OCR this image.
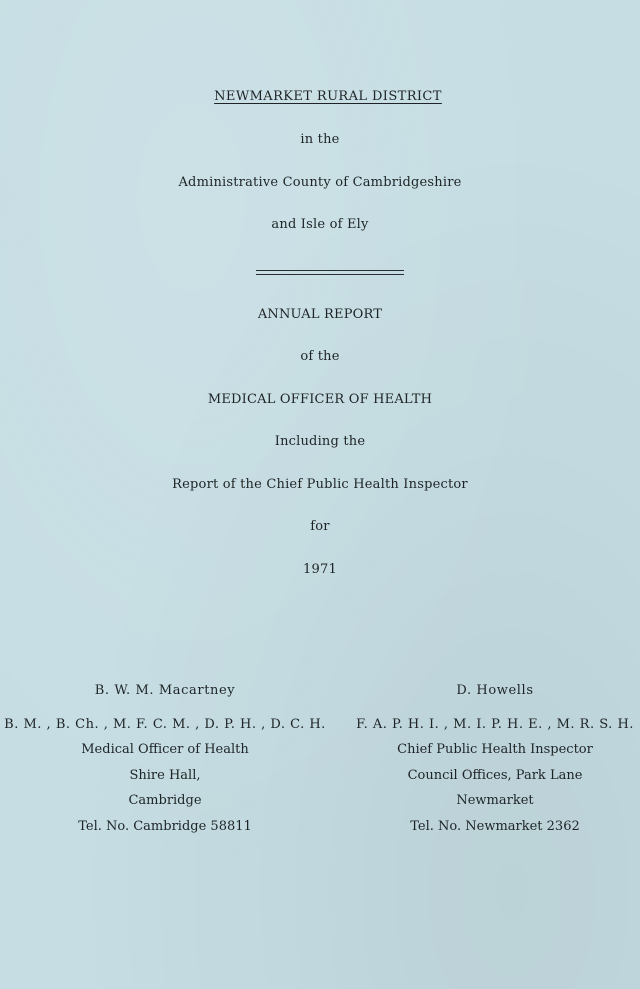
NEWMARKET RURAL DISTRICT
in the
Administrative County of Cambridgeshire
and Isle of Ely
ANNUAL REPORT
of the
MEDICAL OFFICER OF HEALTH
Including the
Report of the Chief Public Health Inspector
for
1971
B. W. M. Macartney
B. M. , B. Ch. , M. F. C. M. , D. P. H. , D. C. H.
Medical Officer of Health
Shire Hall,
Cambridge
Tel. No. Cambridge 58811
D. Howells
F. A. P. H. I. , M. I. P. H. E. , M. R. S. H.
Chief Public Health Inspector
Council Offices, Park Lane
Newmarket
Tel. No. Newmarket 2362
